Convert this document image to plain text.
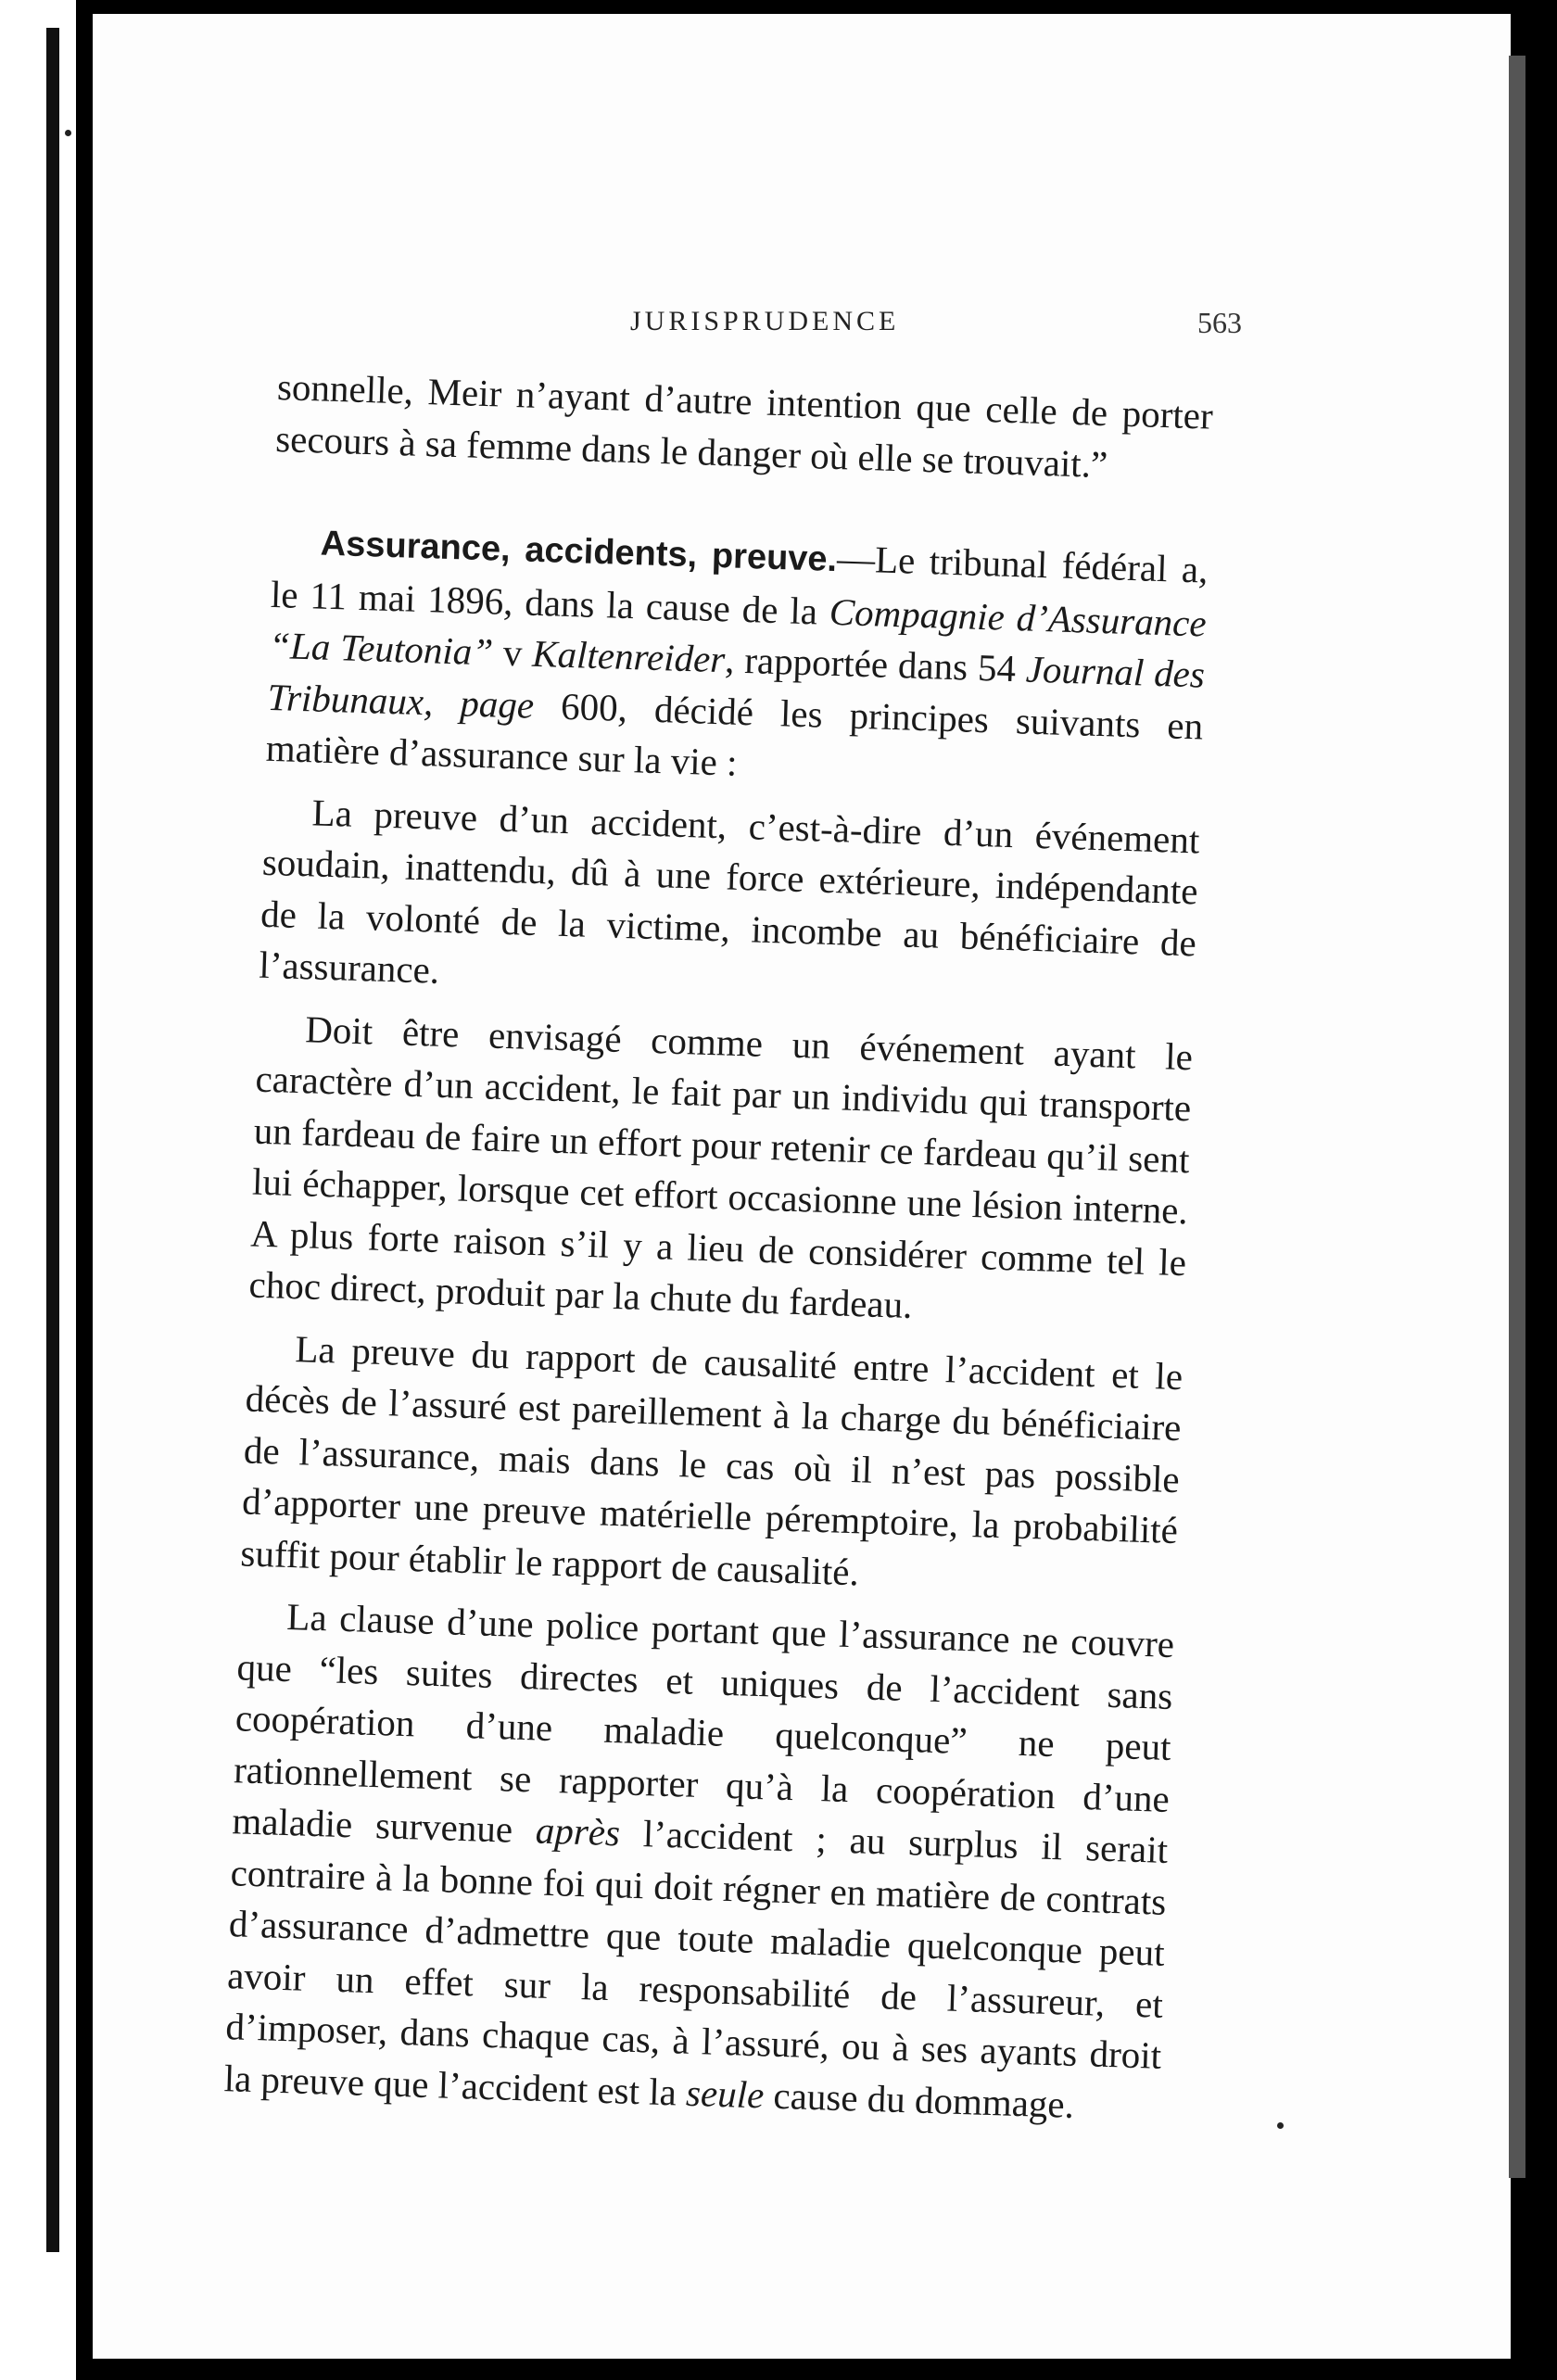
JURISPRUDENCE	563

sonnelle, Meir n’ayant d’autre intention que celle de porter secours à sa femme dans le danger où elle se trouvait.”

Assurance, accidents, preuve.—Le tribunal fédéral a, le 11 mai 1896, dans la cause de la Compagnie d’Assurance “La Teutonia” v Kaltenreider, rapportée dans 54 Journal des Tribunaux, page 600, décidé les principes suivants en matière d’assurance sur la vie :

La preuve d’un accident, c’est-à-dire d’un événement soudain, inattendu, dû à une force extérieure, indépendante de la volonté de la victime, incombe au bénéficiaire de l’assurance.

Doit être envisagé comme un événement ayant le caractère d’un accident, le fait par un individu qui transporte un fardeau de faire un effort pour retenir ce fardeau qu’il sent lui échapper, lorsque cet effort occasionne une lésion interne. A plus forte raison s’il y a lieu de considérer comme tel le choc direct, produit par la chute du fardeau.

La preuve du rapport de causalité entre l’accident et le décès de l’assuré est pareillement à la charge du bénéficiaire de l’assurance, mais dans le cas où il n’est pas possible d’apporter une preuve matérielle péremptoire, la probabilité suffit pour établir le rapport de causalité.

La clause d’une police portant que l’assurance ne couvre que “les suites directes et uniques de l’accident sans coopération d’une maladie quelconque” ne peut rationnellement se rapporter qu’à la coopération d’une maladie survenue après l’accident ; au surplus il serait contraire à la bonne foi qui doit régner en matière de contrats d’assurance d’admettre que toute maladie quelconque peut avoir un effet sur la responsabilité de l’assureur, et d’imposer, dans chaque cas, à l’assuré, ou à ses ayants droit la preuve que l’accident est la seule cause du dommage.
